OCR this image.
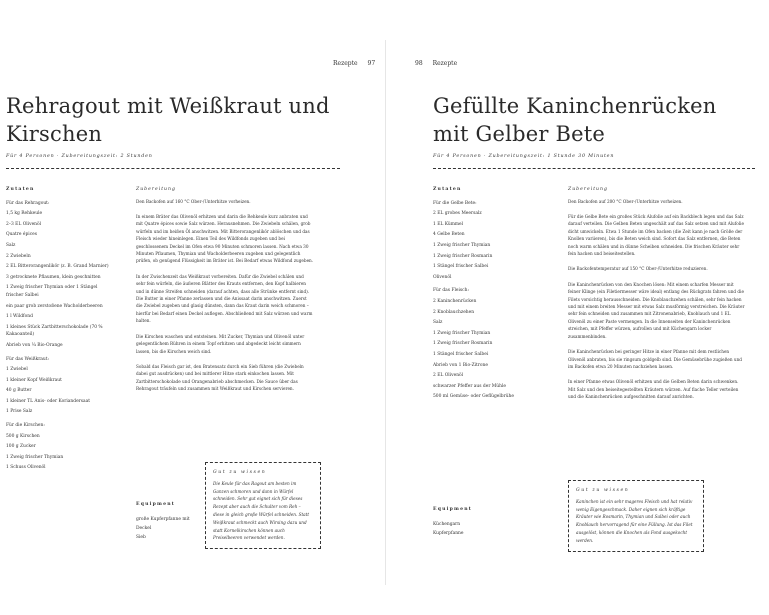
Rezepte 97
Rehragout mit Weißkraut und
Kirschen
Für 4 Personen · Zubereitungszeit: 2 Stunden
Zutaten
Für das Rehragout:
1,5 kg Rehkeule
2–3 EL Olivenöl
Quatre épices
Salz
2 Zwiebeln
2 EL Bitterorangenlikör (z. B. Grand Marnier)
3 getrocknete Pflaumen, klein geschnitten
1 Zweig frischer Thymian oder 1 Stängel frischer Salbei
ein paar grob zerstoßene Wacholderbeeren
1 l Wildfond
1 kleines Stück Zartbitterschokolade (70 % Kakaoanteil)
Abrieb von ¼ Bio-Orange
Für das Weißkraut:
1 Zwiebel
1 kleiner Kopf Weißkraut
40 g Butter
1 kleiner TL Anis- oder Koriandersaat
1 Prise Salz
Für die Kirschen:
500 g Kirschen
100 g Zucker
1 Zweig frischer Thymian
1 Schuss Olivenöl
Zubereitung

Den Backofen auf 160 °C Ober-/Unterhitze vorheizen.

In einem Bräter das Olivenöl erhitzen und darin die Rehkeule kurz anbraten und mit Quatre épices sowie Salz würzen. Herausnehmen. Die Zwiebeln schälen, grob würfeln und im heißen Öl anschwitzen. Mit Bitterorangenlikör ablöschen und das Fleisch wieder hineinlegen. Einen Teil des Wildfonds zugeben und bei geschlossenem Deckel im Ofen etwa 90 Minuten schmoren lassen. Nach etwa 30 Minuten Pflaumen, Thymian und Wacholderbeeren zugeben und gelegentlich prüfen, ob genügend Flüssigkeit im Bräter ist. Bei Bedarf etwas Wildfond zugeben.

In der Zwischenzeit das Weißkraut vorbereiten. Dafür die Zwiebel schälen und sehr fein würfeln, die äußeren Blätter des Krauts entfernen, den Kopf halbieren und in dünne Streifen schneiden (darauf achten, dass alle Strünke entfernt sind). Die Butter in einer Pfanne zerlassen und die Anissaat darin anschwitzen. Zuerst die Zwiebel zugeben und glasig dünsten, dann das Kraut darin weich schmoren – hierfür bei Bedarf einen Deckel auflegen. Abschließend mit Salz würzen und warm halten.

Die Kirschen waschen und entsteinen. Mit Zucker, Thymian und Olivenöl unter gelegentlichem Rühren in einem Topf erhitzen und abgedeckt leicht simmern lassen, bis die Kirschen weich sind.

Sobald das Fleisch gar ist, den Bratensatz durch ein Sieb führen (die Zwiebeln dabei gut ausdrücken) und bei mittlerer Hitze stark einkochen lassen. Mit Zartbitterschokolade und Orangenabrieb abschmecken. Die Sauce über das Rehragout träufeln und zusammen mit Weißkraut und Kirschen servieren.

Equipment
große Kupferpfanne mit Deckel
Sieb
Gut zu wissen
Die Keule für das Ragout am besten im Ganzen schmoren und dann in Würfel schneiden. Sehr gut eignet sich für dieses Rezept aber auch die Schulter vom Reh – diese in gleich große Würfel schneiden. Statt Weißkraut schmeckt auch Wirsing dazu und statt Kornelkirschen können auch Preiselbeeren verwendet werden.
98 Rezepte
Gefüllte Kaninchenrücken
mit Gelber Bete
Für 4 Personen · Zubereitungszeit: 1 Stunde 30 Minuten
Zutaten
Für die Gelbe Bete:
2 EL grobes Meersalz
1 EL Kümmel
4 Gelbe Beten
1 Zweig frischer Thymian
1 Zweig frischer Rosmarin
1 Stängel frischer Salbei
Olivenöl
Für das Fleisch:
2 Kaninchenrücken
2 Knoblauchzehen
Salz
1 Zweig frischer Thymian
1 Zweig frischer Rosmarin
1 Stängel frischer Salbei
Abrieb von 1 Bio-Zitrone
2 EL Olivenöl
schwarzer Pfeffer aus der Mühle
500 ml Gemüse- oder Geflügelbrühe
Zubereitung

Den Backofen auf 200 °C Ober-/Unterhitze vorheizen.

Für die Gelbe Bete ein großes Stück Alufolie auf ein Backblech legen und das Salz darauf verteilen. Die Gelben Beten ungeschält auf das Salz setzen und mit Alufolie dicht umwickeln. Etwa 1 Stunde im Ofen backen (die Zeit kann je nach Größe der Knollen variieren), bis die Beten weich sind. Sofort das Salz entfernen, die Beten noch warm schälen und in dünne Scheiben schneiden. Die frischen Kräuter sehr fein hacken und beiseitestellen.

Die Backofentemperatur auf 150 °C Ober-/Unterhitze reduzieren.

Die Kaninchenrücken von den Knochen lösen: Mit einem scharfen Messer mit feiner Klinge (ein Filetiermesser wäre ideal) entlang des Rückgrats fahren und die Filets vorsichtig herausschneiden. Die Knoblauchzehen schälen, sehr fein hacken und mit einem breiten Messer mit etwas Salz musförmig verstreichen. Die Kräuter sehr fein schneiden und zusammen mit Zitronenabrieb, Knoblauch und 1 EL Olivenöl zu einer Paste vermengen. In die Innenseiten der Kaninchenrücken streichen, mit Pfeffer würzen, aufrollen und mit Küchengarn locker zusammenbinden.

Die Kaninchenrücken bei geringer Hitze in einer Pfanne mit dem restlichen Olivenöl anbraten, bis sie ringsum goldgelb sind. Die Gemüsebrühe zugießen und im Backofen etwa 20 Minuten nachziehen lassen.

In einer Pfanne etwas Olivenöl erhitzen und die Gelben Beten darin schwenken. Mit Salz und den beiseitegestellten Kräutern würzen. Auf flache Teller verteilen und die Kaninchenrücken aufgeschnitten darauf anrichten.

Equipment
Küchengarn
Kupferpfanne
Gut zu wissen
Kaninchen ist ein sehr mageres Fleisch und hat relativ wenig Eigengeschmack. Daher eignen sich kräftige Kräuter wie Rosmarin, Thymian und Salbei oder auch Knoblauch hervorragend für eine Füllung. Ist das Filet ausgelöst, können die Knochen als Fond ausgekocht werden.
